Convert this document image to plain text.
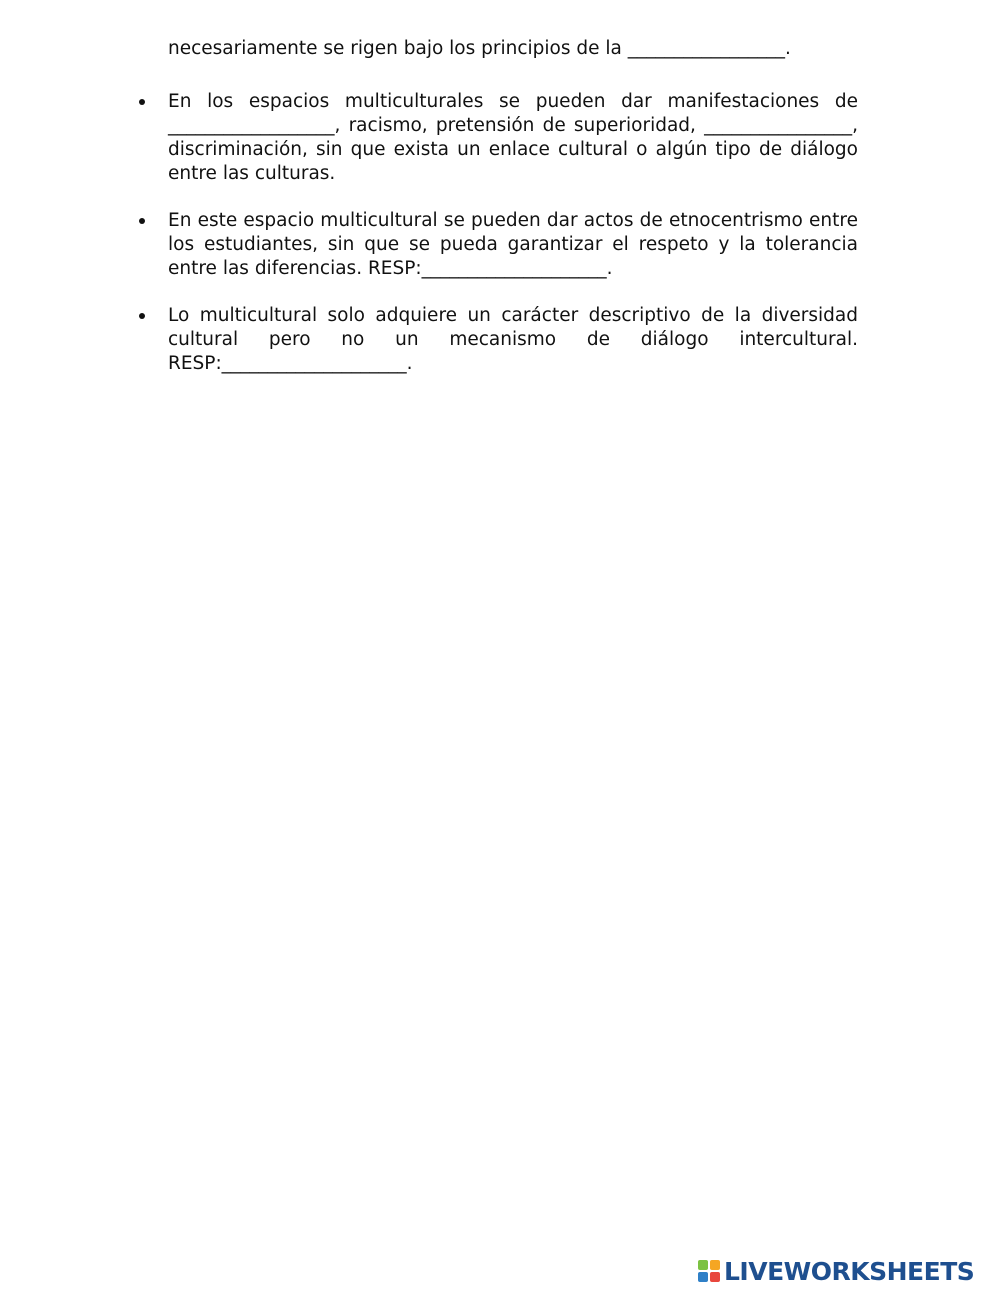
necesariamente se rigen bajo los principios de la _________________.

En los espacios multiculturales se pueden dar manifestaciones de __________________, racismo, pretensión de superioridad, ________________, discriminación, sin que exista un enlace cultural o algún tipo de diálogo entre las culturas.
En este espacio multicultural se pueden dar actos de etnocentrismo entre los estudiantes, sin que se pueda garantizar el respeto y la tolerancia entre las diferencias. RESP:____________________.
Lo multicultural solo adquiere un carácter descriptivo de la diversidad cultural pero no un mecanismo de diálogo intercultural. RESP:____________________.
LIVEWORKSHEETS
